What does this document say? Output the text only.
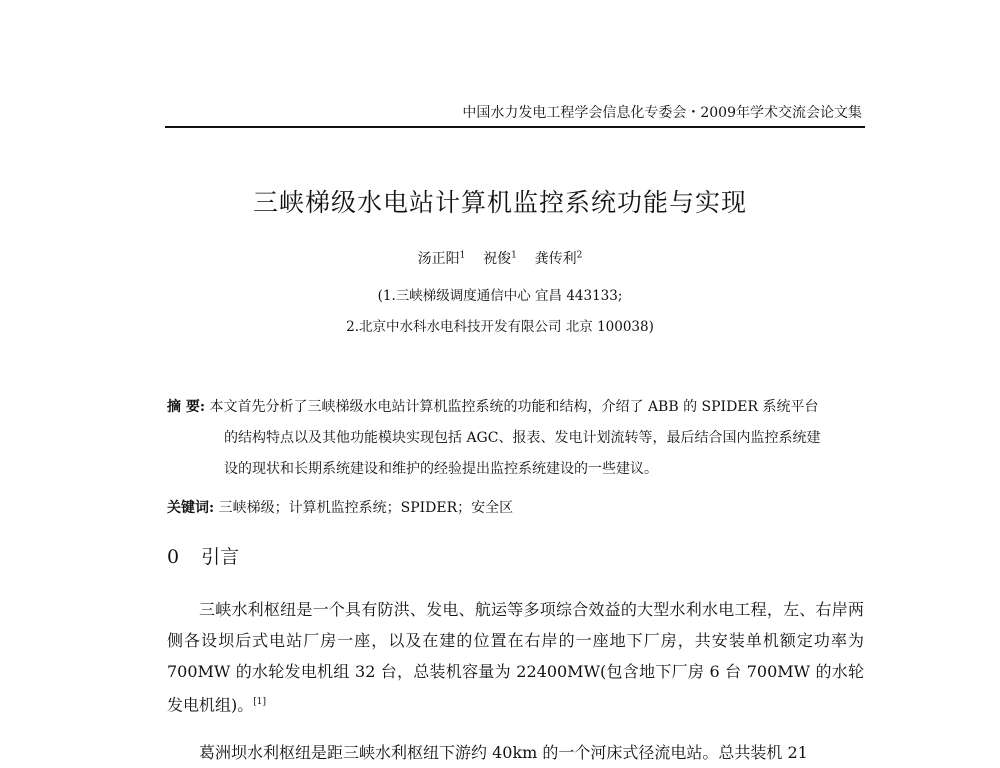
中国水力发电工程学会信息化专委会・2009年学术交流会论文集
三峡梯级水电站计算机监控系统功能与实现
汤正阳$^1$ 祝俊$^1$ 龚传利$^2$
(1.三峡梯级调度通信中心 宜昌 443133;
2.北京中水科水电科技开发有限公司 北京 100038)
摘 要: 本文首先分析了三峡梯级水电站计算机监控系统的功能和结构，介绍了 ABB 的 SPIDER 系统平台
的结构特点以及其他功能模块实现包括 AGC、报表、发电计划流转等，最后结合国内监控系统建
设的现状和长期系统建设和维护的经验提出监控系统建设的一些建议。
关键词: 三峡梯级；计算机监控系统；SPIDER；安全区
0 引言
三峡水利枢纽是一个具有防洪、发电、航运等多项综合效益的大型水利水电工程，左、右岸两侧各设坝后式电站厂房一座，以及在建的位置在右岸的一座地下厂房，共安装单机额定功率为700MW 的水轮发电机组 32 台，总装机容量为 22400MW(包含地下厂房 6 台 700MW 的水轮发电机组)。[1]
葛洲坝水利枢纽是距三峡水利枢纽下游约 40km 的一个河床式径流电站。总共装机 21
